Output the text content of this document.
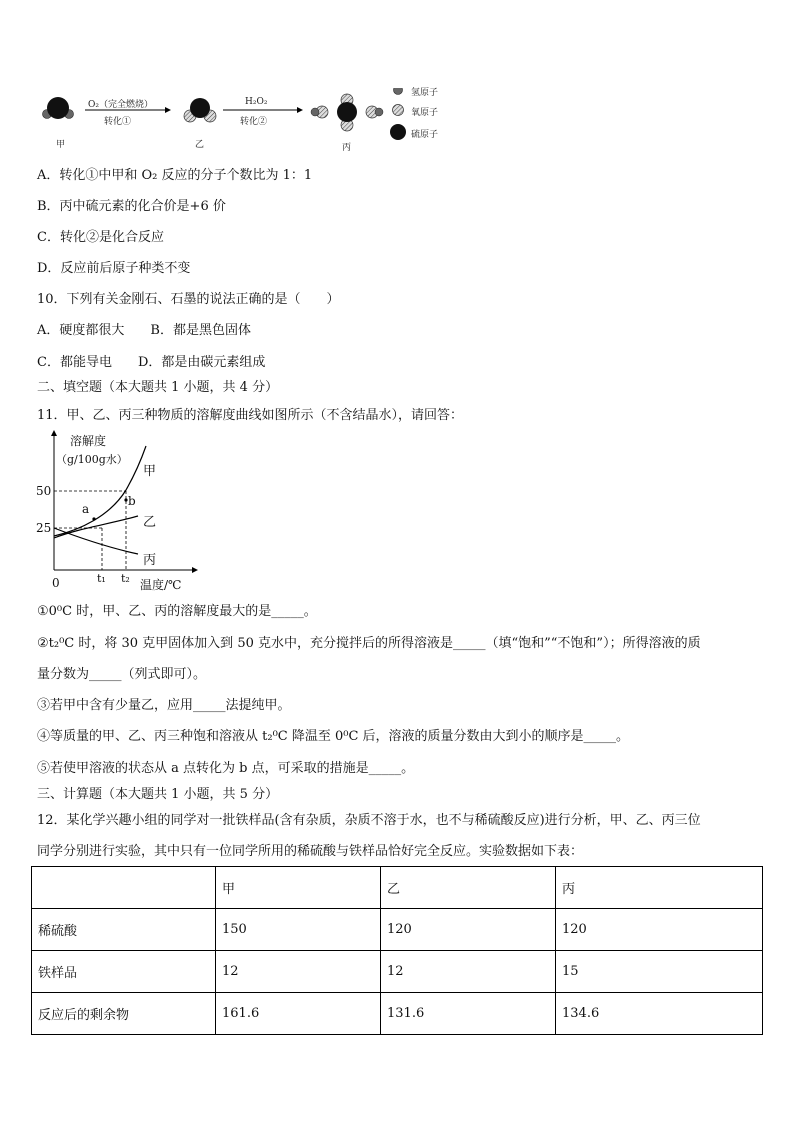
O₂（完全燃烧）
转化①
H₂O₂
转化②
甲	乙	丙
氢原子
氧原子
硫原子
A．转化①中甲和 O₂ 反应的分子个数比为 1：1
B．丙中硫元素的化合价是+6 价
C．转化②是化合反应
D．反应前后原子种类不变
10．下列有关金刚石、石墨的说法正确的是（　　）
A．硬度都很大　　B．都是黑色固体
C．都能导电　　D．都是由碳元素组成
二、填空题（本大题共 1 小题，共 4 分）
11．甲、乙、丙三种物质的溶解度曲线如图所示（不含结晶水），请回答：
溶解度
（g/100g水）
50
25
0	t₁ t₂ 温度/℃
甲
乙
丙
a
b
①0⁰C 时，甲、乙、丙的溶解度最大的是_____。
②t₂⁰C 时，将 30 克甲固体加入到 50 克水中，充分搅拌后的所得溶液是_____（填“饱和”“不饱和”）；所得溶液的质
量分数为_____（列式即可）。
③若甲中含有少量乙，应用_____法提纯甲。
④等质量的甲、乙、丙三种饱和溶液从 t₂⁰C 降温至 0⁰C 后，溶液的质量分数由大到小的顺序是_____。
⑤若使甲溶液的状态从 a 点转化为 b 点，可采取的措施是_____。
三、计算题（本大题共 1 小题，共 5 分）
12．某化学兴趣小组的同学对一批铁样品(含有杂质，杂质不溶于水，也不与稀硫酸反应)进行分析，甲、乙、丙三位
同学分别进行实验，其中只有一位同学所用的稀硫酸与铁样品恰好完全反应。实验数据如下表：
	甲	乙	丙
稀硫酸	150	120	120
铁样品	12	12	15
反应后的剩余物	161.6	131.6	134.6
